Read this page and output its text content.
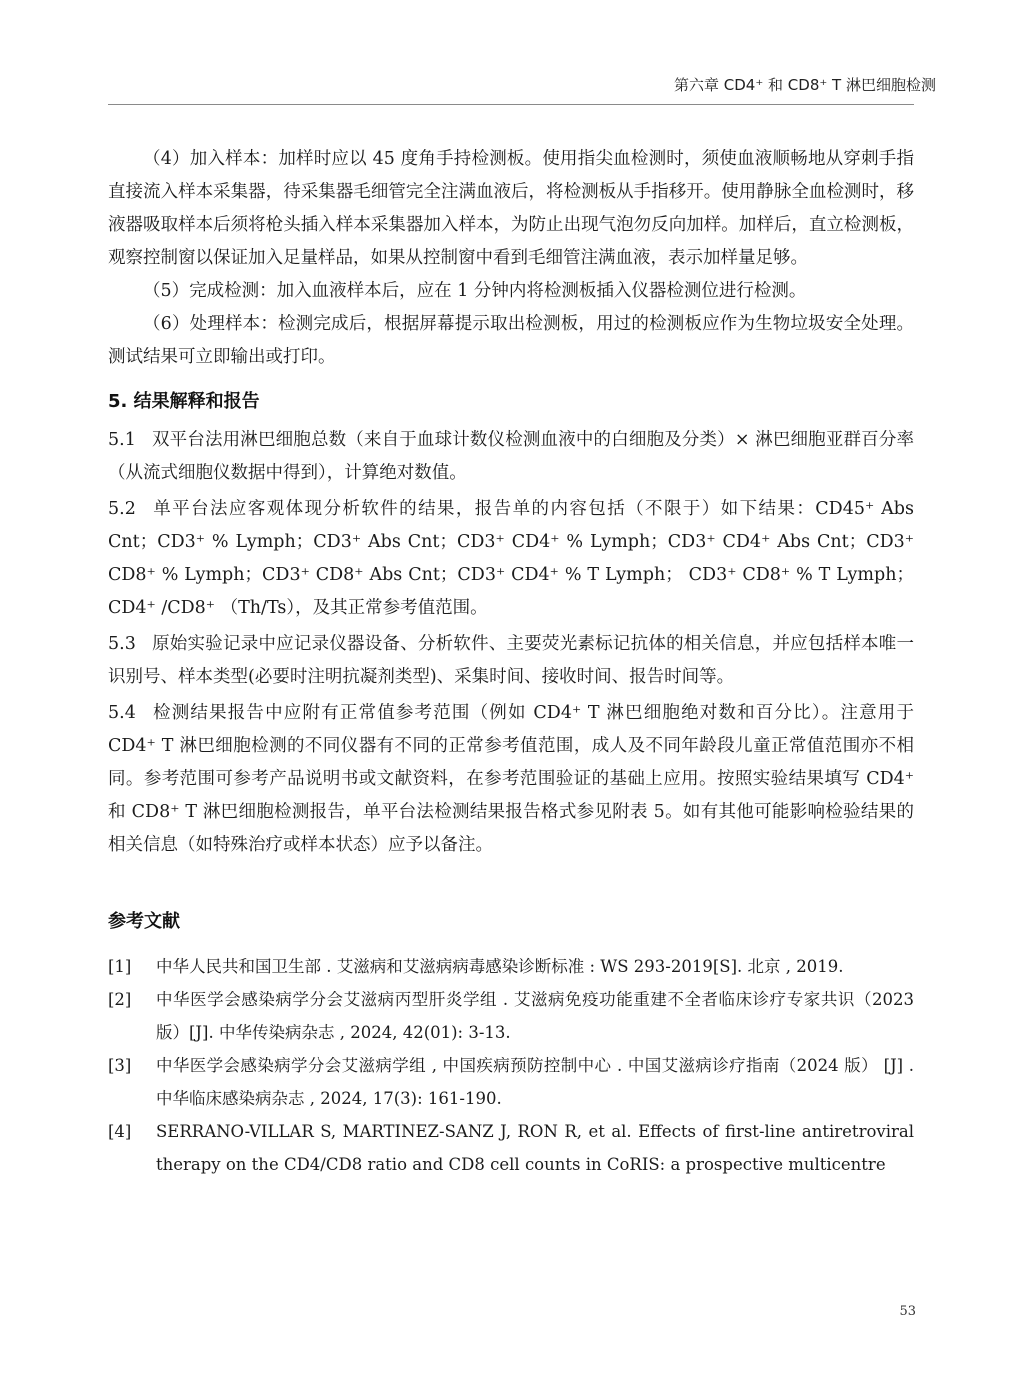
第六章 CD4⁺ 和 CD8⁺ T 淋巴细胞检测

（4）加入样本：加样时应以 45 度角手持检测板。使用指尖血检测时，须使血液顺畅地从穿刺手指直接流入样本采集器，待采集器毛细管完全注满血液后，将检测板从手指移开。使用静脉全血检测时，移液器吸取样本后须将枪头插入样本采集器加入样本，为防止出现气泡勿反向加样。加样后，直立检测板，观察控制窗以保证加入足量样品，如果从控制窗中看到毛细管注满血液，表示加样量足够。

（5）完成检测：加入血液样本后，应在 1 分钟内将检测板插入仪器检测位进行检测。

（6）处理样本：检测完成后，根据屏幕提示取出检测板，用过的检测板应作为生物垃圾安全处理。测试结果可立即输出或打印。

5. 结果解释和报告

5.1 双平台法用淋巴细胞总数（来自于血球计数仪检测血液中的白细胞及分类）× 淋巴细胞亚群百分率（从流式细胞仪数据中得到），计算绝对数值。

5.2 单平台法应客观体现分析软件的结果，报告单的内容包括（不限于）如下结果：CD45⁺ Abs Cnt；CD3⁺ % Lymph；CD3⁺ Abs Cnt；CD3⁺ CD4⁺ % Lymph；CD3⁺ CD4⁺ Abs Cnt；CD3⁺ CD8⁺ % Lymph；CD3⁺ CD8⁺ Abs Cnt；CD3⁺ CD4⁺ % T Lymph； CD3⁺ CD8⁺ % T Lymph；CD4⁺ /CD8⁺ （Th/Ts），及其正常参考值范围。

5.3 原始实验记录中应记录仪器设备、分析软件、主要荧光素标记抗体的相关信息，并应包括样本唯一识别号、样本类型(必要时注明抗凝剂类型)、采集时间、接收时间、报告时间等。

5.4 检测结果报告中应附有正常值参考范围（例如 CD4⁺ T 淋巴细胞绝对数和百分比）。注意用于 CD4⁺ T 淋巴细胞检测的不同仪器有不同的正常参考值范围，成人及不同年龄段儿童正常值范围亦不相同。参考范围可参考产品说明书或文献资料，在参考范围验证的基础上应用。按照实验结果填写 CD4⁺ 和 CD8⁺ T 淋巴细胞检测报告，单平台法检测结果报告格式参见附表 5。如有其他可能影响检验结果的相关信息（如特殊治疗或样本状态）应予以备注。

参考文献
[1]	中华人民共和国卫生部 . 艾滋病和艾滋病病毒感染诊断标准 : WS 293-2019[S]. 北京 , 2019.
[2]	中华医学会感染病学分会艾滋病丙型肝炎学组 . 艾滋病免疫功能重建不全者临床诊疗专家共识（2023 版）[J]. 中华传染病杂志 , 2024, 42(01): 3-13.
[3]	中华医学会感染病学分会艾滋病学组 , 中国疾病预防控制中心 . 中国艾滋病诊疗指南（2024 版） [J] . 中华临床感染病杂志 , 2024, 17(3): 161-190.
[4]	SERRANO-VILLAR S, MARTINEZ-SANZ J, RON R, et al. Effects of first-line antiretroviral therapy on the CD4/CD8 ratio and CD8 cell counts in CoRIS: a prospective multicentre
53
